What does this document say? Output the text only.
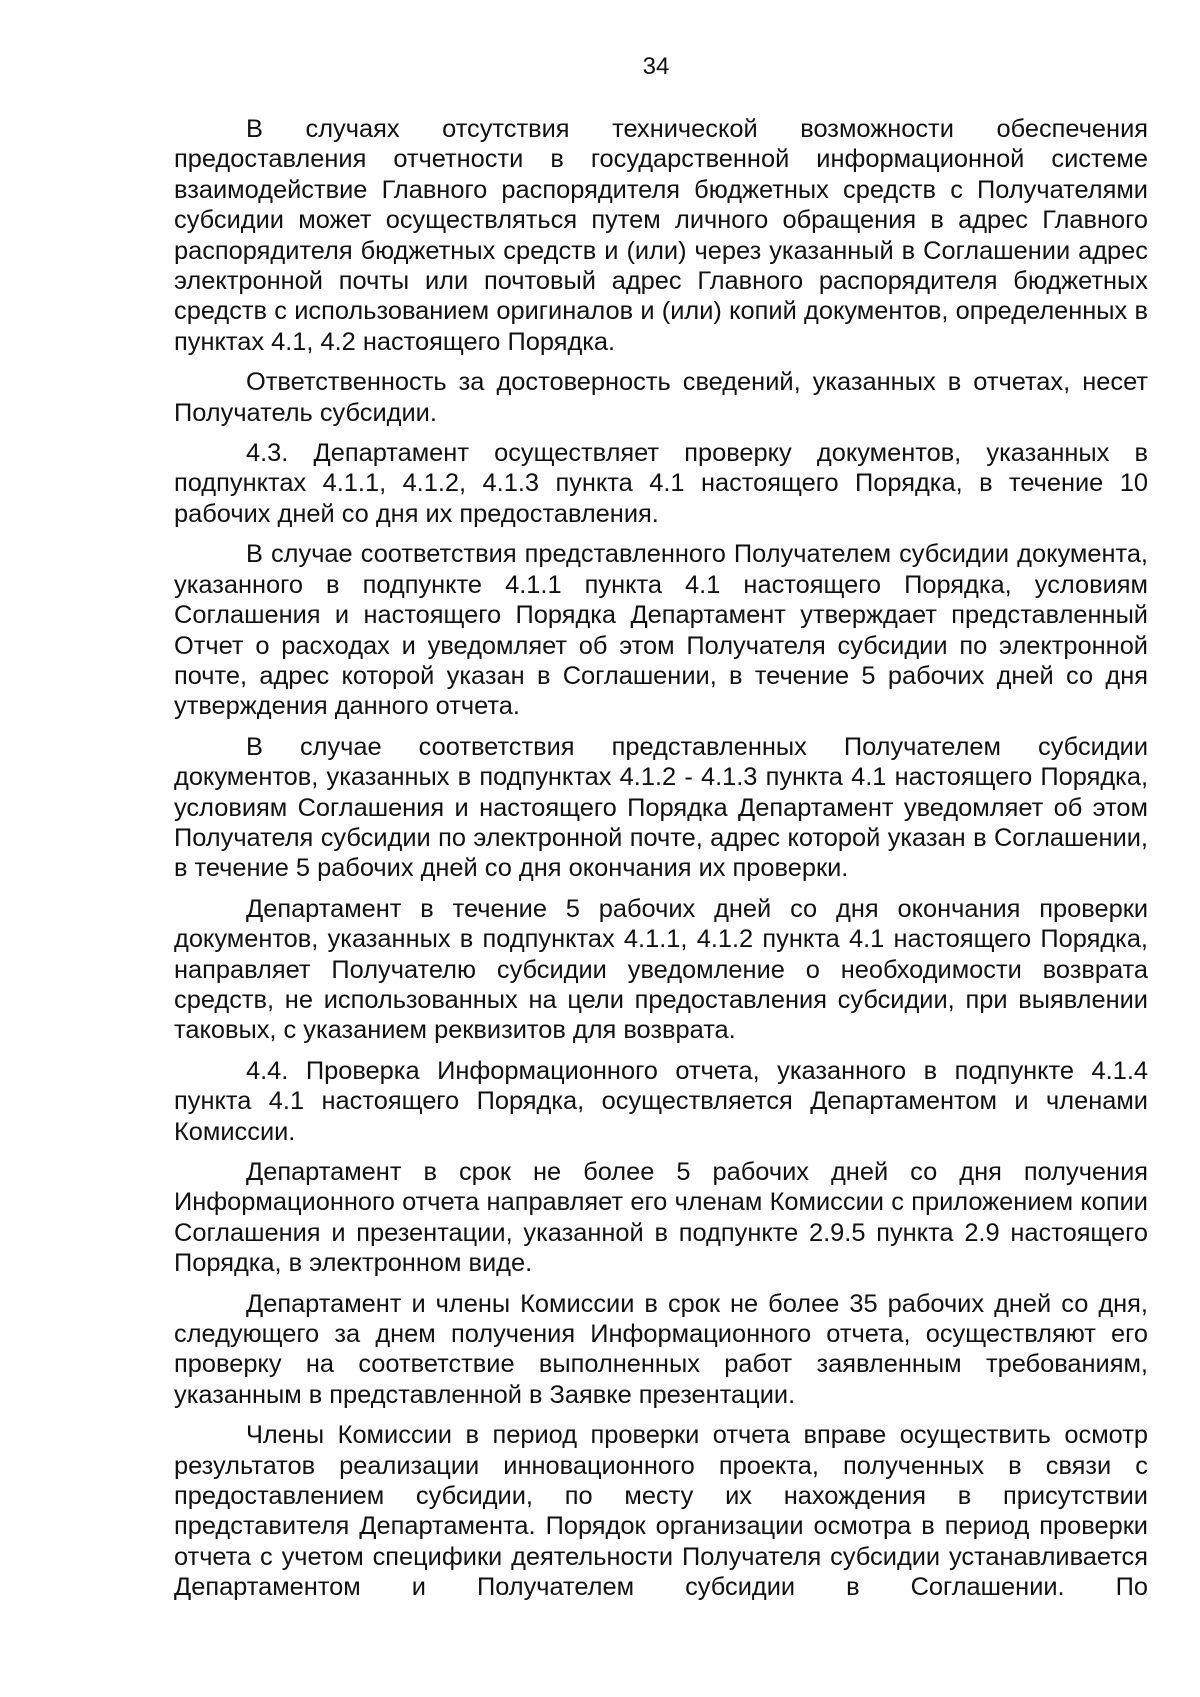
34

В случаях отсутствия технической возможности обеспечения предоставления отчетности в государственной информационной системе взаимодействие Главного распорядителя бюджетных средств с Получателями субсидии может осуществляться путем личного обращения в адрес Главного распорядителя бюджетных средств и (или) через указанный в Соглашении адрес электронной почты или почтовый адрес Главного распорядителя бюджетных средств с использованием оригиналов и (или) копий документов, определенных в пунктах 4.1, 4.2 настоящего Порядка.

Ответственность за достоверность сведений, указанных в отчетах, несет Получатель субсидии.

4.3. Департамент осуществляет проверку документов, указанных в подпунктах 4.1.1, 4.1.2, 4.1.3 пункта 4.1 настоящего Порядка, в течение 10 рабочих дней со дня их предоставления.

В случае соответствия представленного Получателем субсидии документа, указанного в подпункте 4.1.1 пункта 4.1 настоящего Порядка, условиям Соглашения и настоящего Порядка Департамент утверждает представленный Отчет о расходах и уведомляет об этом Получателя субсидии по электронной почте, адрес которой указан в Соглашении, в течение 5 рабочих дней со дня утверждения данного отчета.

В случае соответствия представленных Получателем субсидии документов, указанных в подпунктах 4.1.2 - 4.1.3 пункта 4.1 настоящего Порядка, условиям Соглашения и настоящего Порядка Департамент уведомляет об этом Получателя субсидии по электронной почте, адрес которой указан в Соглашении, в течение 5 рабочих дней со дня окончания их проверки.

Департамент в течение 5 рабочих дней со дня окончания проверки документов, указанных в подпунктах 4.1.1, 4.1.2 пункта 4.1 настоящего Порядка, направляет Получателю субсидии уведомление о необходимости возврата средств, не использованных на цели предоставления субсидии, при выявлении таковых, с указанием реквизитов для возврата.

4.4. Проверка Информационного отчета, указанного в подпункте 4.1.4 пункта 4.1 настоящего Порядка, осуществляется Департаментом и членами Комиссии.

Департамент в срок не более 5 рабочих дней со дня получения Информационного отчета направляет его членам Комиссии с приложением копии Соглашения и презентации, указанной в подпункте 2.9.5 пункта 2.9 настоящего Порядка, в электронном виде.

Департамент и члены Комиссии в срок не более 35 рабочих дней со дня, следующего за днем получения Информационного отчета, осуществляют его проверку на соответствие выполненных работ заявленным требованиям, указанным в представленной в Заявке презентации.

Члены Комиссии в период проверки отчета вправе осуществить осмотр результатов реализации инновационного проекта, полученных в связи с предоставлением субсидии, по месту их нахождения в присутствии представителя Департамента. Порядок организации осмотра в период проверки отчета с учетом специфики деятельности Получателя субсидии устанавливается Департаментом и Получателем субсидии в Соглашении. По
